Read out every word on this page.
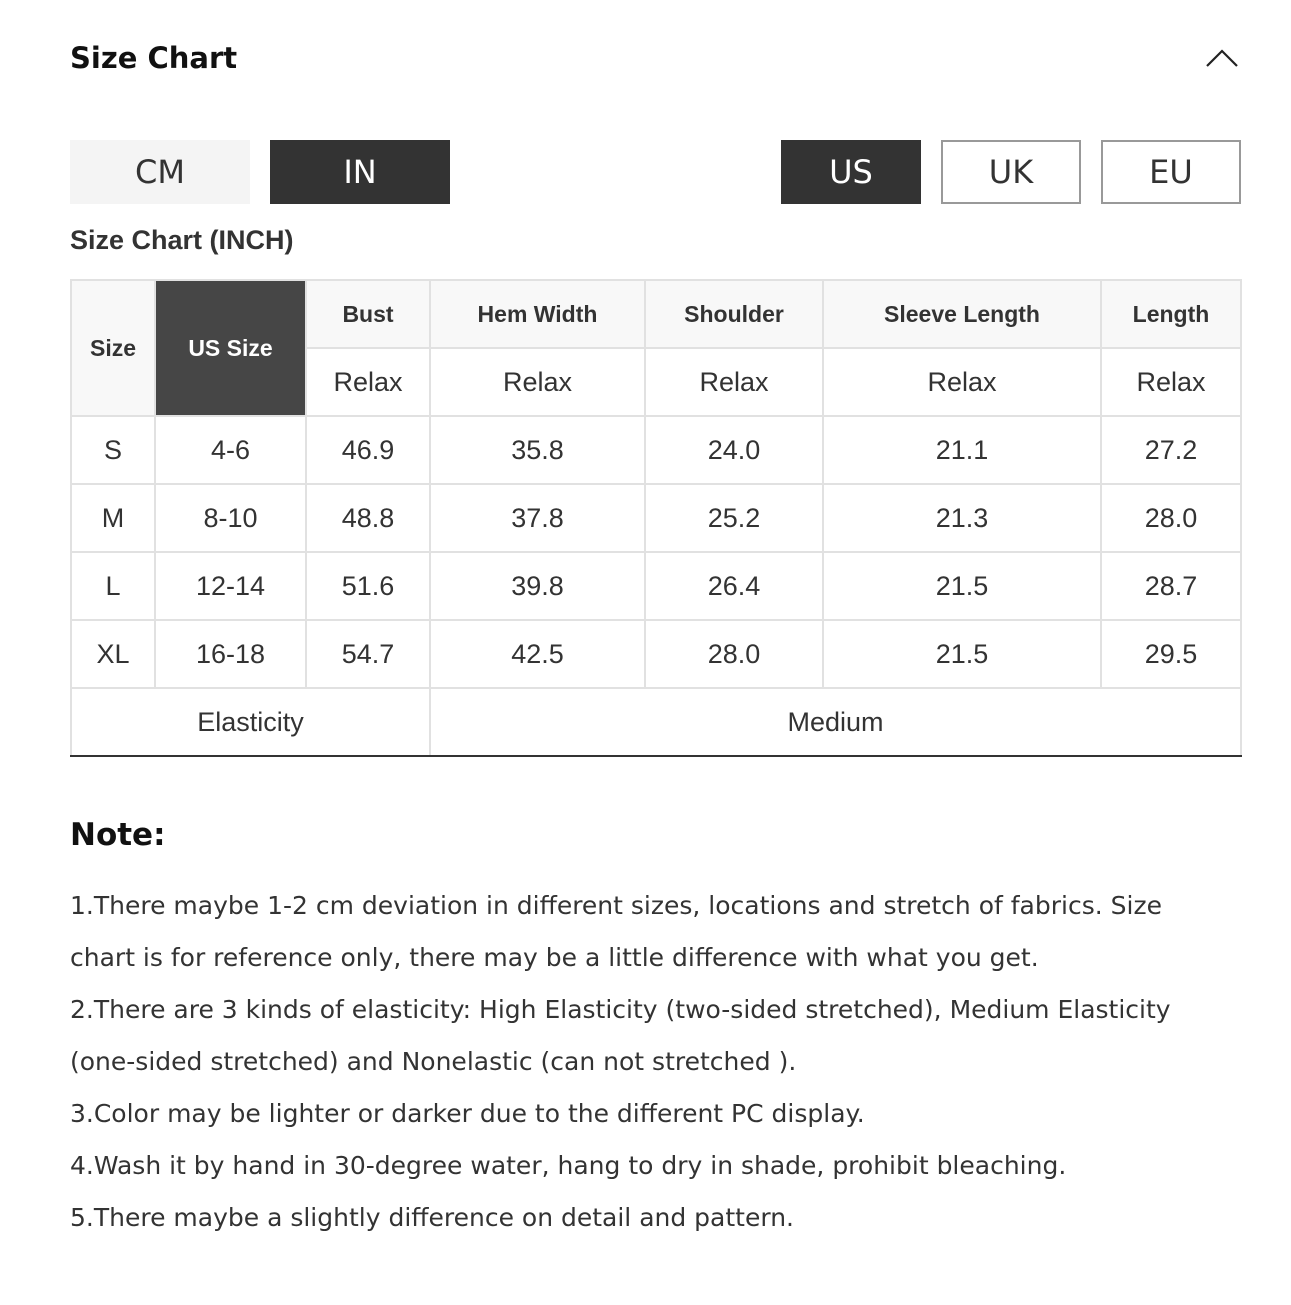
Size Chart
CM	IN	US	UK	EU
Size Chart (INCH)
Size	US Size	Bust	Hem Width	Shoulder	Sleeve Length	Length
		Relax	Relax	Relax	Relax	Relax
S	4-6	46.9	35.8	24.0	21.1	27.2
M	8-10	48.8	37.8	25.2	21.3	28.0
L	12-14	51.6	39.8	26.4	21.5	28.7
XL	16-18	54.7	42.5	28.0	21.5	29.5
Elasticity			Medium			
Note:

1.There maybe 1-2 cm deviation in different sizes, locations and stretch of fabrics. Size chart is for reference only, there may be a little difference with what you get.

2.There are 3 kinds of elasticity: High Elasticity (two-sided stretched), Medium Elasticity (one-sided stretched) and Nonelastic (can not stretched ).

3.Color may be lighter or darker due to the different PC display.

4.Wash it by hand in 30-degree water, hang to dry in shade, prohibit bleaching.

5.There maybe a slightly difference on detail and pattern.
